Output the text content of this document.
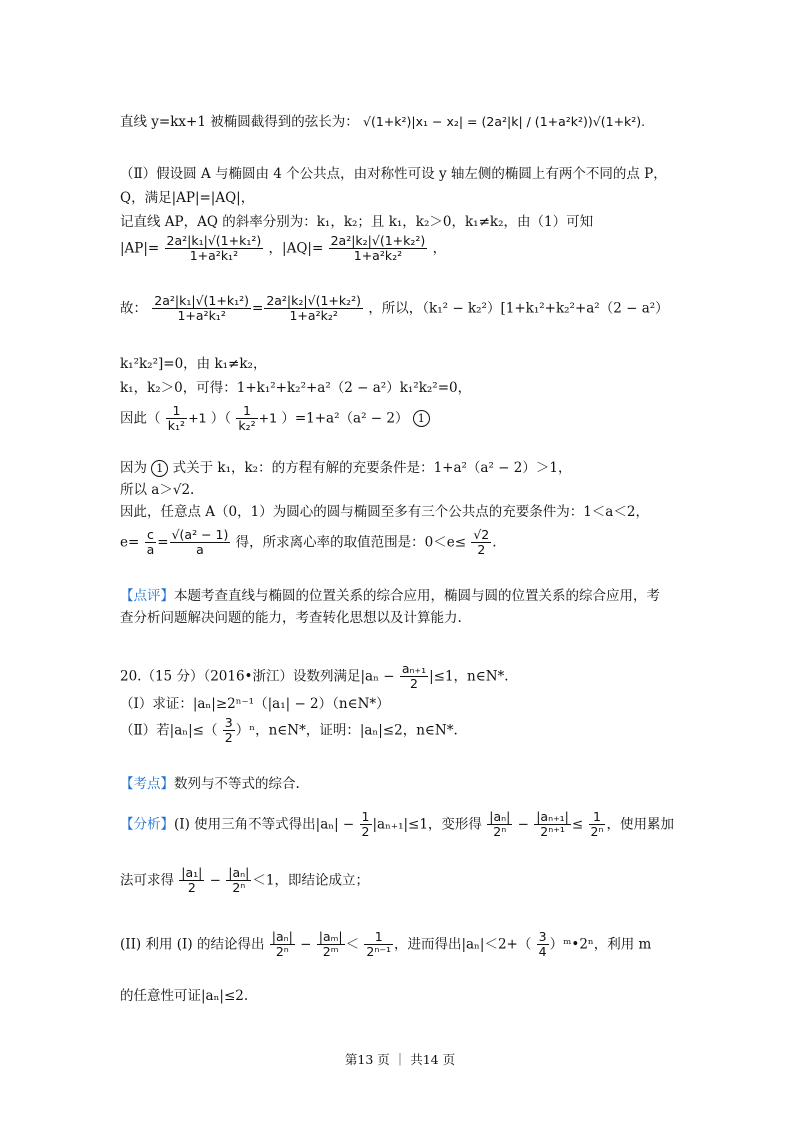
直线 y=kx+1 被椭圆截得到的弦长为： √(1+k²)|x₁ − x₂| = (2a²|k| / (1+a²k²))√(1+k²).
（Ⅱ）假设圆 A 与椭圆由 4 个公共点，由对称性可设 y 轴左侧的椭圆上有两个不同的点 P，
Q，满足|AP|=|AQ|，
记直线 AP，AQ 的斜率分别为：k₁，k₂；且 k₁，k₂＞0，k₁≠k₂，由（1）可知
$|AP|= \frac{\text{2a²|k₁|√(1+k₁²)}}{\text{1+a²k₁²}}$ ，$|AQ|= \frac{\text{2a²|k₂|√(1+k₂²)}}{\text{1+a²k₂²}}$ ，
故： $\frac{\text{2a²|k₁|√(1+k₁²)}}{\text{1+a²k₁²}} = \frac{\text{2a²|k₂|√(1+k₂²)}}{\text{1+a²k₂²}}$ ，所以，（k₁² − k₂²）[1+k₁²+k₂²+a²（2 − a²）
k₁²k₂²]=0，由 k₁≠k₂，
k₁，k₂＞0，可得：1+k₁²+k₂²+a²（2 − a²）k₁²k₂²=0，
因此（ $\frac{1}{\text{k₁²}} +1$ ）（ $\frac{1}{\text{k₂²}} +1$ ）=1+a²（a² − 2） 1
因为 1 式关于 k₁，k₂：的方程有解的充要条件是：1+a²（a² − 2）＞1，
所以 a＞√2.
因此，任意点 A（0，1）为圆心的圆与椭圆至多有三个公共点的充要条件为：1＜a＜2，
$e= \frac{c}{a} = \frac{\text{√(a² − 1)}}{a}$ 得，所求离心率的取值范围是：$0<e\le \frac{√2}{2}$ .
【点评】本题考查直线与椭圆的位置关系的综合应用，椭圆与圆的位置关系的综合应用，考
查分析问题解决问题的能力，考查转化思想以及计算能力.
20.（15 分）（2016•浙江）设数列满足$|a_n - \frac{\text{aₙ₊₁}}{2} |\le 1$，n∈N*.
（Ⅰ）求证：|aₙ|≥2ⁿ⁻¹（|a₁| − 2）（n∈N*）
（Ⅱ）若$|a_n|\le( \frac{3}{2} )^n$，n∈N*，证明：|aₙ|≤2，n∈N*.
【考点】数列与不等式的综合.
【分析】(I) 使用三角不等式得出$|a_n| - \frac{1}{2} |a_{n+1}|\le 1$，变形得 $\frac{\text{|aₙ|}}{\text{2ⁿ}} - \frac{\text{|aₙ₊₁|}}{\text{2ⁿ⁺¹}} \le \frac{1}{\text{2ⁿ}}$ ，使用累加
法可求得 $\frac{\text{|a₁|}}{2} - \frac{\text{|aₙ|}}{\text{2ⁿ}} <1$，即结论成立；
(II) 利用 (I) 的结论得出 $\frac{\text{|aₙ|}}{\text{2ⁿ}} - \frac{\text{|aₘ|}}{\text{2ᵐ}} < \frac{1}{\text{2ⁿ⁻¹}}$ ，进而得出$|a_n|<2+( \frac{3}{4}$ ）ᵐ•2ⁿ，利用 m
的任意性可证|aₙ|≤2.
第13 页 ｜ 共14 页
